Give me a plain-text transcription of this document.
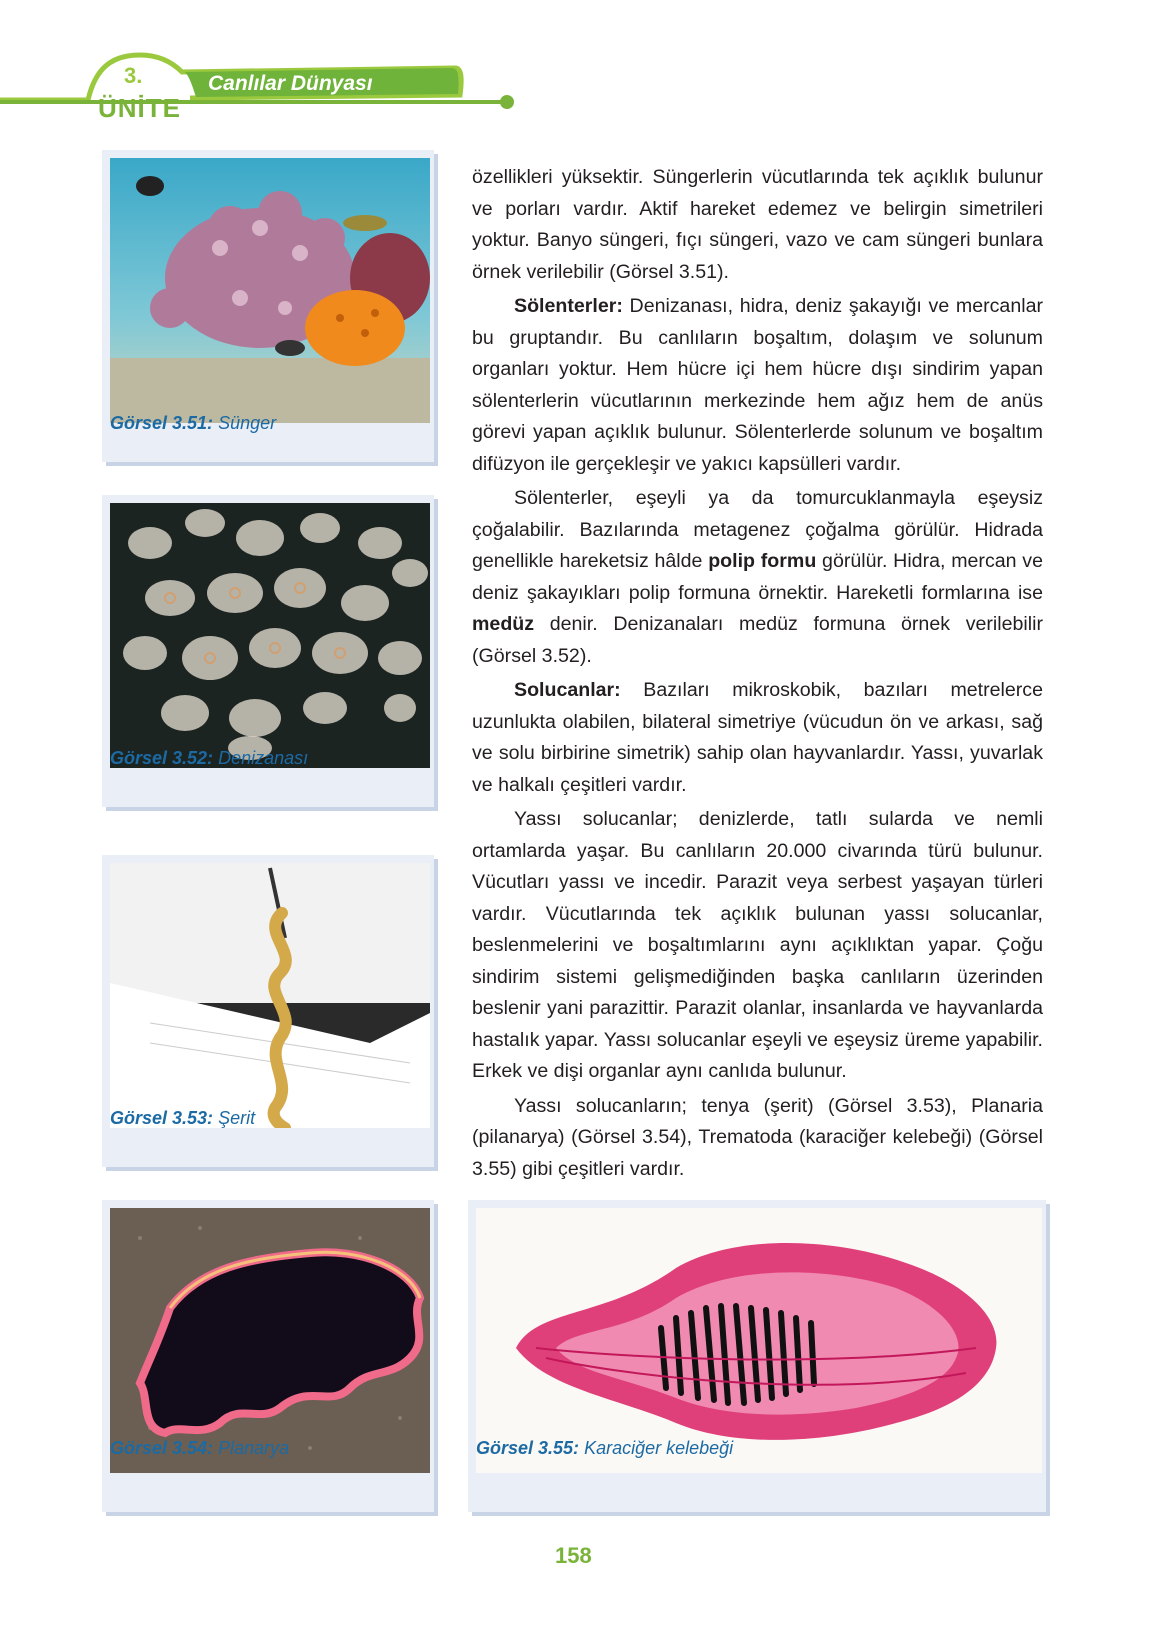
3.
ÜNİTE
Canlılar Dünyası
Görsel 3.51: Sünger
Görsel 3.52: Denizanası
Görsel 3.53: Şerit
Görsel 3.54: Planarya	Görsel 3.55: Karaciğer kelebeği

özellikleri yüksektir. Süngerlerin vücutlarında tek açıklık bulunur ve porları vardır. Aktif hareket edemez ve belirgin simetrileri yoktur. Banyo süngeri, fıçı süngeri, vazo ve cam süngeri bunlara örnek verilebilir (Görsel 3.51).

Sölenterler: Denizanası, hidra, deniz şakayığı ve mercanlar bu gruptandır. Bu canlıların boşaltım, dolaşım ve solunum organları yoktur. Hem hücre içi hem hücre dışı sindirim yapan sölenterlerin vücutlarının merkezinde hem ağız hem de anüs görevi yapan açıklık bulunur. Sölenterlerde solunum ve boşaltım difüzyon ile gerçekleşir ve yakıcı kapsülleri vardır.

Sölenterler, eşeyli ya da tomurcuklanmayla eşeysiz çoğalabilir. Bazılarında metagenez çoğalma görülür. Hidrada genellikle hareketsiz hâlde polip formu görülür. Hidra, mercan ve deniz şakayıkları polip formuna örnektir. Hareketli formlarına ise medüz denir. Denizanaları medüz formuna örnek verilebilir (Görsel 3.52).

Solucanlar: Bazıları mikroskobik, bazıları metrelerce uzunlukta olabilen, bilateral simetriye (vücudun ön ve arkası, sağ ve solu birbirine simetrik) sahip olan hayvanlardır. Yassı, yuvarlak ve halkalı çeşitleri vardır.

Yassı solucanlar; denizlerde, tatlı sularda ve nemli ortamlarda yaşar. Bu canlıların 20.000 civarında türü bulunur. Vücutları yassı ve incedir. Parazit veya serbest yaşayan türleri vardır. Vücutlarında tek açıklık bulunan yassı solucanlar, beslenmelerini ve boşaltımlarını aynı açıklıktan yapar. Çoğu sindirim sistemi gelişmediğinden başka canlıların üzerinden beslenir yani parazittir. Parazit olanlar, insanlarda ve hayvanlarda hastalık yapar. Yassı solucanlar eşeyli ve eşeysiz üreme yapabilir. Erkek ve dişi organlar aynı canlıda bulunur.

Yassı solucanların; tenya (şerit) (Görsel 3.53), Planaria (pilanarya) (Görsel 3.54), Trematoda (karaciğer kelebeği) (Görsel 3.55) gibi çeşitleri vardır.

158
